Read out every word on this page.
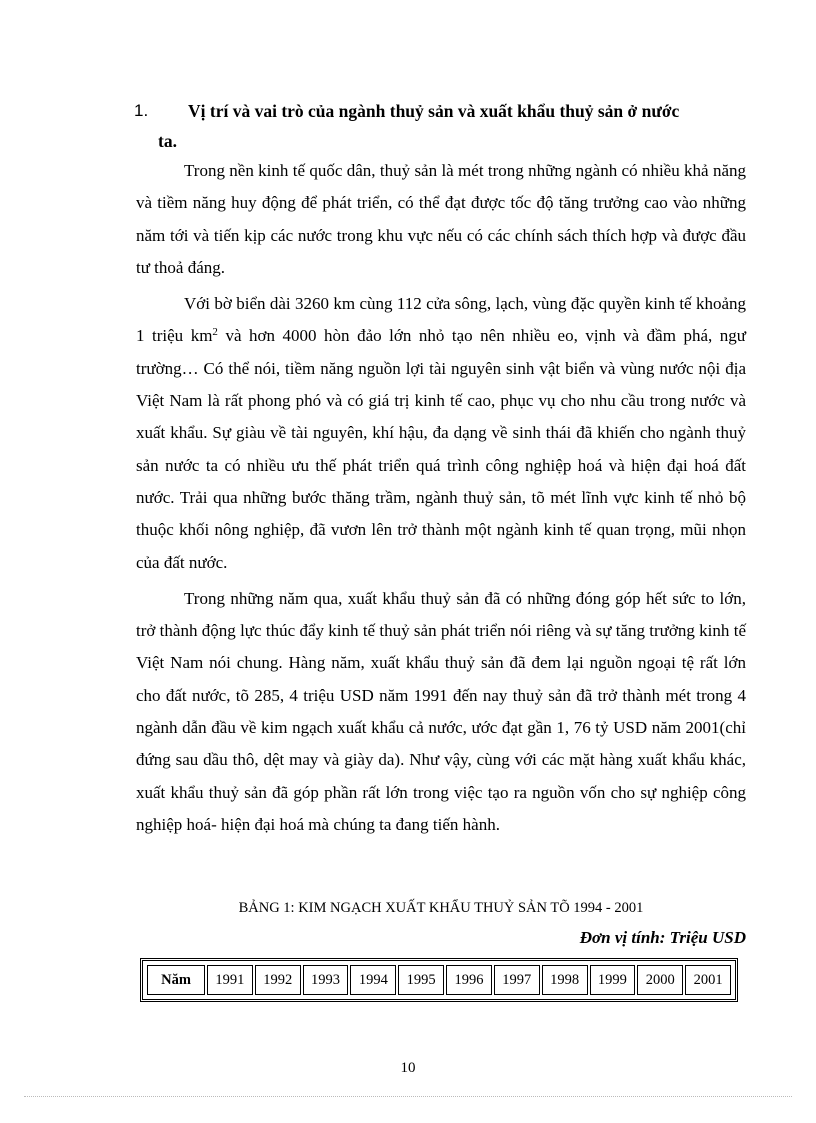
1. Vị trí và vai trò của ngành thuỷ sản và xuất khẩu thuỷ sản ở nước
ta.

Trong nền kinh tế quốc dân, thuỷ sản là mét trong những ngành có nhiều khả năng và tiềm năng huy động để phát triển, có thể đạt được tốc độ tăng trưởng cao vào những năm tới và tiến kịp các nước trong khu vực nếu có các chính sách thích hợp và được đầu tư thoả đáng.

Với bờ biển dài 3260 km cùng 112 cửa sông, lạch, vùng đặc quyền kinh tế khoảng 1 triệu $km^2$ và hơn 4000 hòn đảo lớn nhỏ tạo nên nhiều eo, vịnh và đầm phá, ngư trường… Có thể nói, tiềm năng nguồn lợi tài nguyên sinh vật biển và vùng nước nội địa Việt Nam là rất phong phó và có giá trị kinh tế cao, phục vụ cho nhu cầu trong nước và xuất khẩu. Sự giàu về tài nguyên, khí hậu, đa dạng về sinh thái đã khiến cho ngành thuỷ sản nước ta có nhiều ưu thế phát triển quá trình công nghiệp hoá và hiện đại hoá đất nước. Trải qua những bước thăng trầm, ngành thuỷ sản, tõ mét lĩnh vực kinh tế nhỏ bộ thuộc khối nông nghiệp, đã vươn lên trở thành một ngành kinh tế quan trọng, mũi nhọn của đất nước.

Trong những năm qua, xuất khẩu thuỷ sản đã có những đóng góp hết sức to lớn, trở thành động lực thúc đẩy kinh tế thuỷ sản phát triển nói riêng và sự tăng trưởng kinh tế Việt Nam nói chung. Hàng năm, xuất khẩu thuỷ sản đã đem lại nguồn ngoại tệ rất lớn cho đất nước, tõ 285, 4 triệu USD năm 1991 đến nay thuỷ sản đã trở thành mét trong 4 ngành dẫn đầu về kim ngạch xuất khẩu cả nước, ước đạt gần 1, 76 tỷ USD năm 2001(chỉ đứng sau dầu thô, dệt may và giày da). Như vậy, cùng với các mặt hàng xuất khẩu khác, xuất khẩu thuỷ sản đã góp phần rất lớn trong việc tạo ra nguồn vốn cho sự nghiệp công nghiệp hoá- hiện đại hoá mà chúng ta đang tiến hành.

BẢNG 1: KIM NGẠCH XUẤT KHẨU THUỶ SẢN TÕ 1994 - 2001
Đơn vị tính: Triệu USD
Năm	1991	1992	1993	1994	1995	1996	1997	1998	1999	2000	2001
10
